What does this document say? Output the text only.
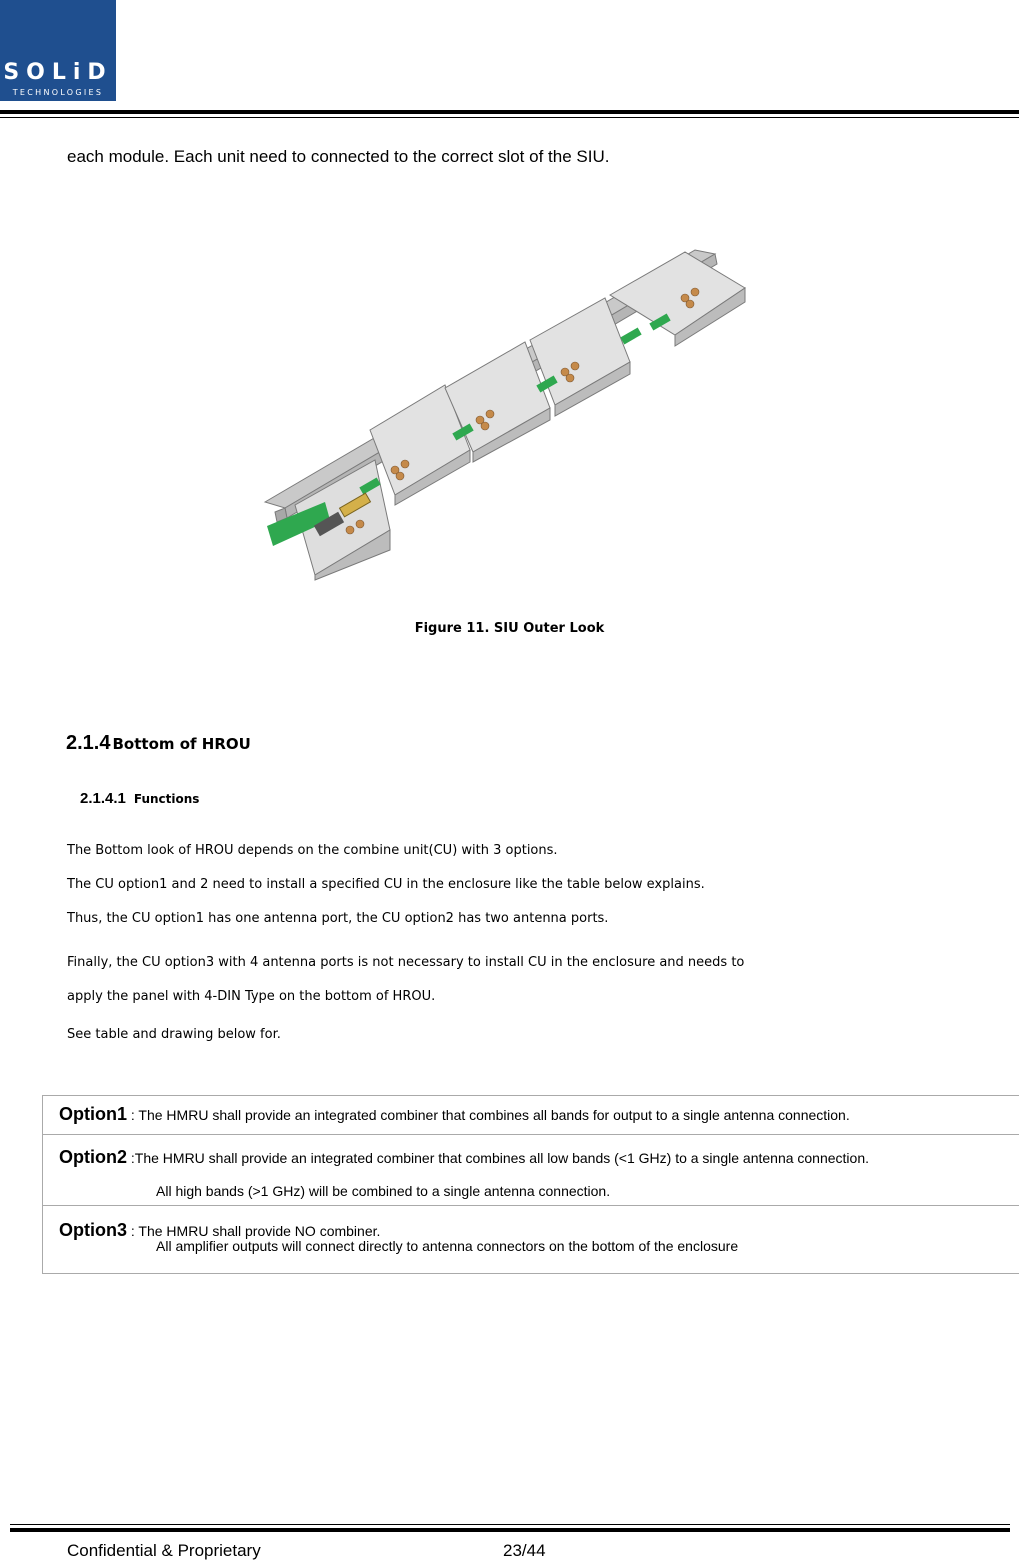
SOLiD
TECHNOLOGIES
each module. Each unit need to connected to the correct slot of the SIU.
Figure 11. SIU Outer Look
2.1.4 Bottom of HROU
2.1.4.1 Functions
The Bottom look of HROU depends on the combine unit(CU) with 3 options.
The CU option1 and 2 need to install a specified CU in the enclosure like the table below explains.
Thus, the CU option1 has one antenna port, the CU option2 has two antenna ports.
Finally, the CU option3 with 4 antenna ports is not necessary to install CU in the enclosure and needs to
apply the panel with 4-DIN Type on the bottom of HROU.
See table and drawing below for.
Option1 : The HMRU shall provide an integrated combiner that combines all bands for output to a single antenna connection.
Option2 :The HMRU shall provide an integrated combiner that combines all low bands (<1 GHz) to a single antenna connection.
All high bands (>1 GHz) will be combined to a single antenna connection.
Option3 : The HMRU shall provide NO combiner.
All amplifier outputs will connect directly to antenna connectors on the bottom of the enclosure
Confidential & Proprietary	23/44
